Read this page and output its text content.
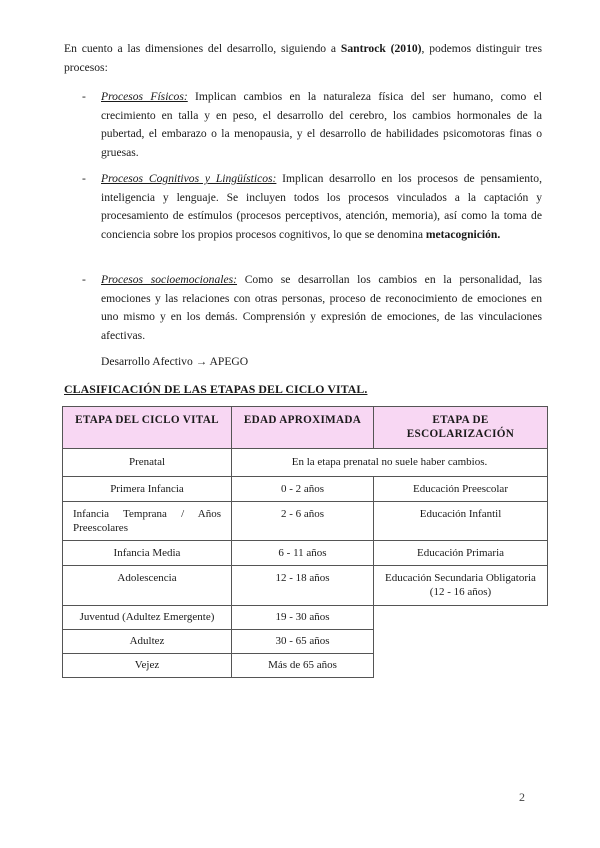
En cuento a las dimensiones del desarrollo, siguiendo a Santrock (2010), podemos distinguir tres procesos:

- Procesos Físicos: Implican cambios en la naturaleza física del ser humano, como el crecimiento en talla y en peso, el desarrollo del cerebro, los cambios hormonales de la pubertad, el embarazo o la menopausia, y el desarrollo de habilidades psicomotoras finas o gruesas.
- Procesos Cognitivos y Lingüísticos: Implican desarrollo en los procesos de pensamiento, inteligencia y lenguaje. Se incluyen todos los procesos vinculados a la captación y procesamiento de estímulos (procesos perceptivos, atención, memoria), así como la toma de conciencia sobre los propios procesos cognitivos, lo que se denomina metacognición.
- Procesos socioemocionales: Como se desarrollan los cambios en la personalidad, las emociones y las relaciones con otras personas, proceso de reconocimiento de emociones en uno mismo y en los demás. Comprensión y expresión de emociones, de las vinculaciones afectivas.
Desarrollo Afectivo → APEGO
CLASIFICACIÓN DE LAS ETAPAS DEL CICLO VITAL.
ETAPA DEL CICLO VITAL	EDAD APROXIMADA	ETAPA DE ESCOLARIZACIÓN
Prenatal	En la etapa prenatal no suele haber cambios.	
Primera Infancia	0 - 2 años	Educación Preescolar

Infancia Temprana / Años Preescolares	2 - 6 años	Educación Infantil
Infancia Media	6 - 11 años	Educación Primaria
Adolescencia	12 - 18 años	Educación Secundaria Obligatoria (12 - 16 años)
Juventud (Adultez Emergente)	19 - 30 años	
Adultez	30 - 65 años	
Vejez	Más de 65 años	
2
